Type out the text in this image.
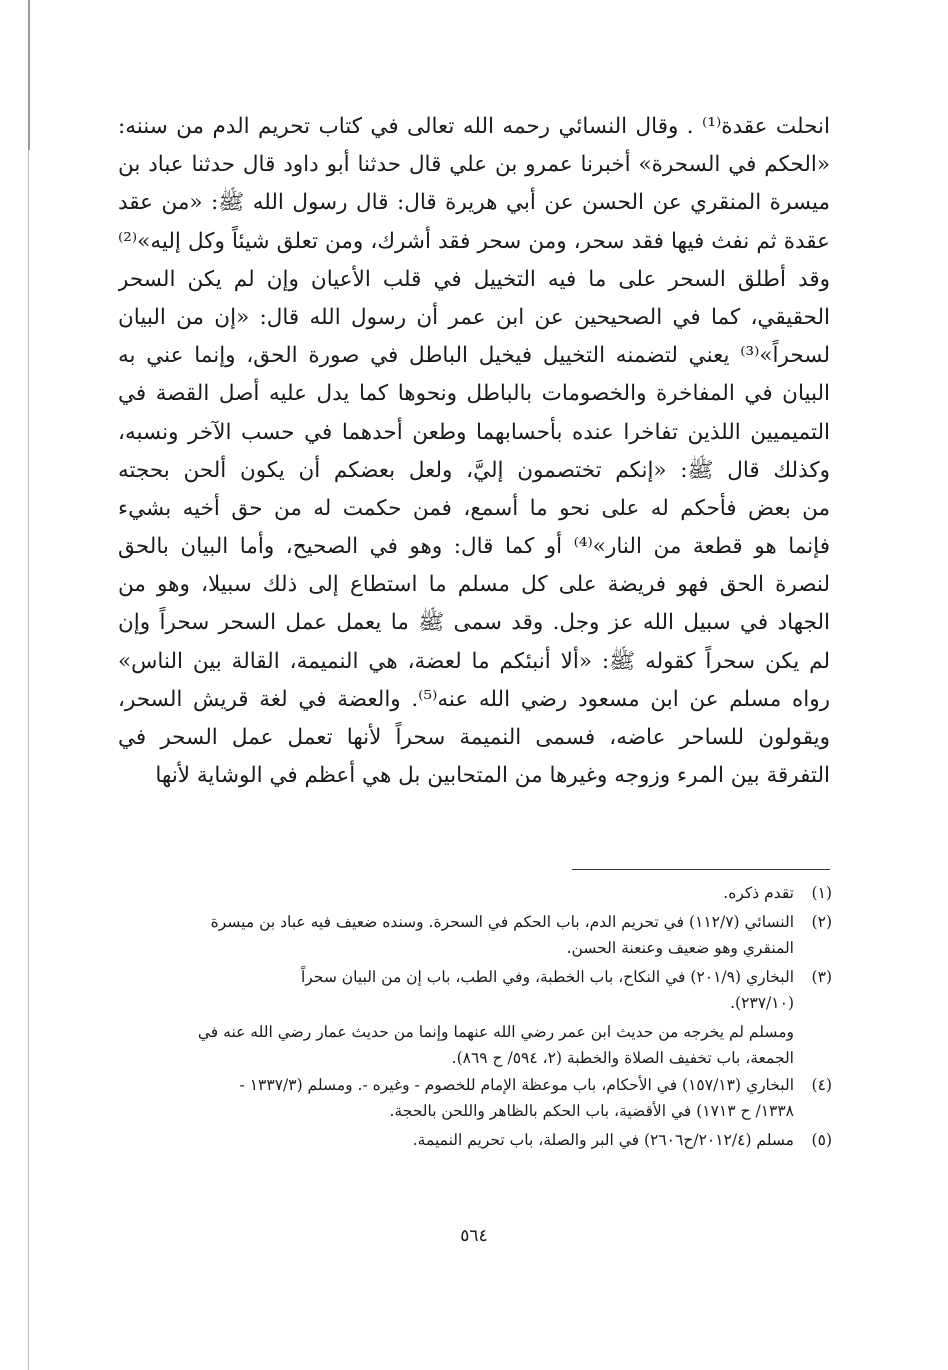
انحلت عقدة⁽¹⁾ . وقال النسائي رحمه الله تعالى في كتاب تحريم الدم من سننه:
«الحكم في السحرة» أخبرنا عمرو بن علي قال حدثنا أبو داود قال حدثنا عباد بن
ميسرة المنقري عن الحسن عن أبي هريرة قال: قال رسول الله ﷺ: «من عقد
عقدة ثم نفث فيها فقد سحر، ومن سحر فقد أشرك، ومن تعلق شيئاً وكل إليه»⁽²⁾
وقد أطلق السحر على ما فيه التخييل في قلب الأعيان وإن لم يكن السحر
الحقيقي، كما في الصحيحين عن ابن عمر أن رسول الله قال: «إن من البيان
لسحراً»⁽³⁾ يعني لتضمنه التخييل فيخيل الباطل في صورة الحق، وإنما عني به
البيان في المفاخرة والخصومات بالباطل ونحوها كما يدل عليه أصل القصة في
التميميين اللذين تفاخرا عنده بأحسابهما وطعن أحدهما في حسب الآخر ونسبه،
وكذلك قال ﷺ: «إنكم تختصمون إليَّ، ولعل بعضكم أن يكون ألحن بحجته
من بعض فأحكم له على نحو ما أسمع، فمن حكمت له من حق أخيه بشيء
فإنما هو قطعة من النار»⁽⁴⁾ أو كما قال: وهو في الصحيح، وأما البيان بالحق
لنصرة الحق فهو فريضة على كل مسلم ما استطاع إلى ذلك سبيلا، وهو من
الجهاد في سبيل الله عز وجل. وقد سمى ﷺ ما يعمل عمل السحر سحراً وإن
لم يكن سحراً كقوله ﷺ: «ألا أنبئكم ما لعضة، هي النميمة، القالة بين الناس»
رواه مسلم عن ابن مسعود رضي الله عنه⁽⁵⁾. والعضة في لغة قريش السحر،
ويقولون للساحر عاضه، فسمى النميمة سحراً لأنها تعمل عمل السحر في
التفرقة بين المرء وزوجه وغيرها من المتحابين بل هي أعظم في الوشاية لأنها
(١)
تقدم ذكره.
(٢)
النسائي (١١٢/٧) في تحريم الدم، باب الحكم في السحرة. وسنده ضعيف فيه عباد بن ميسرة
المنقري وهو ضعيف وعنعنة الحسن.
(٣)
البخاري (٢٠١/٩) في النكاح، باب الخطبة، وفي الطب، باب إن من البيان سحراً
(٢٣٧/١٠).
ومسلم لم يخرجه من حديث ابن عمر رضي الله عنهما وإنما من حديث عمار رضي الله عنه في
الجمعة، باب تخفيف الصلاة والخطبة (٢، ٥٩٤/ ح ٨٦٩).
(٤)
البخاري (١٥٧/١٣) في الأحكام، باب موعظة الإمام للخصوم - وغيره -. ومسلم (١٣٣٧/٣ -
١٣٣٨/ ح ١٧١٣) في الأقضية، باب الحكم بالظاهر واللحن بالحجة.
(٥)
مسلم (٢٠١٢/٤/ح٢٦٠٦) في البر والصلة، باب تحريم النميمة.
٥٦٤
